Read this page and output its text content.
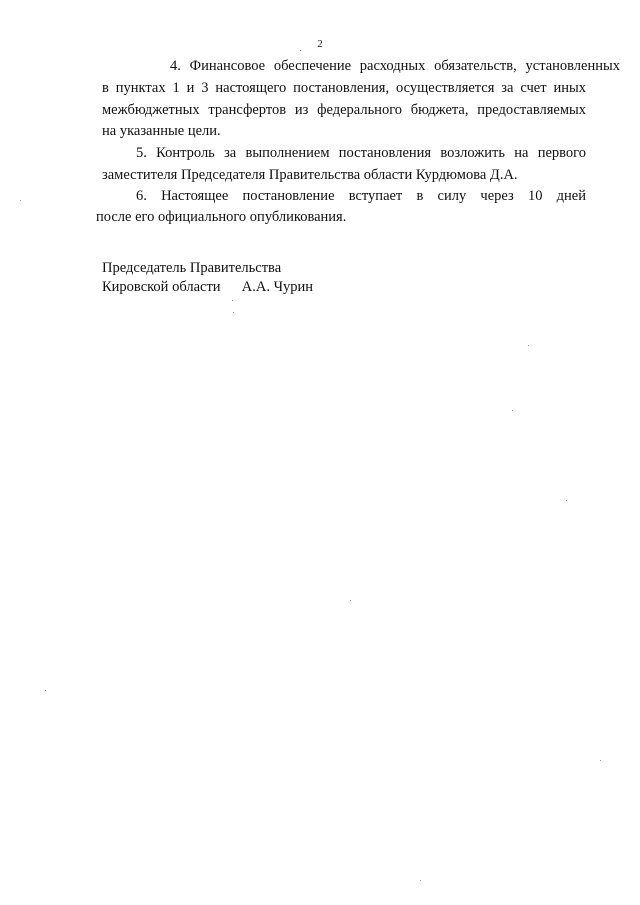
2
4. Финансовое обеспечение расходных обязательств, установленных
в пунктах 1 и 3 настоящего постановления, осуществляется за счет иных
межбюджетных трансфертов из федерального бюджета, предоставляемых
на указанные цели.
5. Контроль за выполнением постановления возложить на первого
заместителя Председателя Правительства области Курдюмова Д.А.
6. Настоящее постановление вступает в силу через 10 дней
после его официального опубликования.
Председатель Правительства
Кировской области А.А. Чурин
